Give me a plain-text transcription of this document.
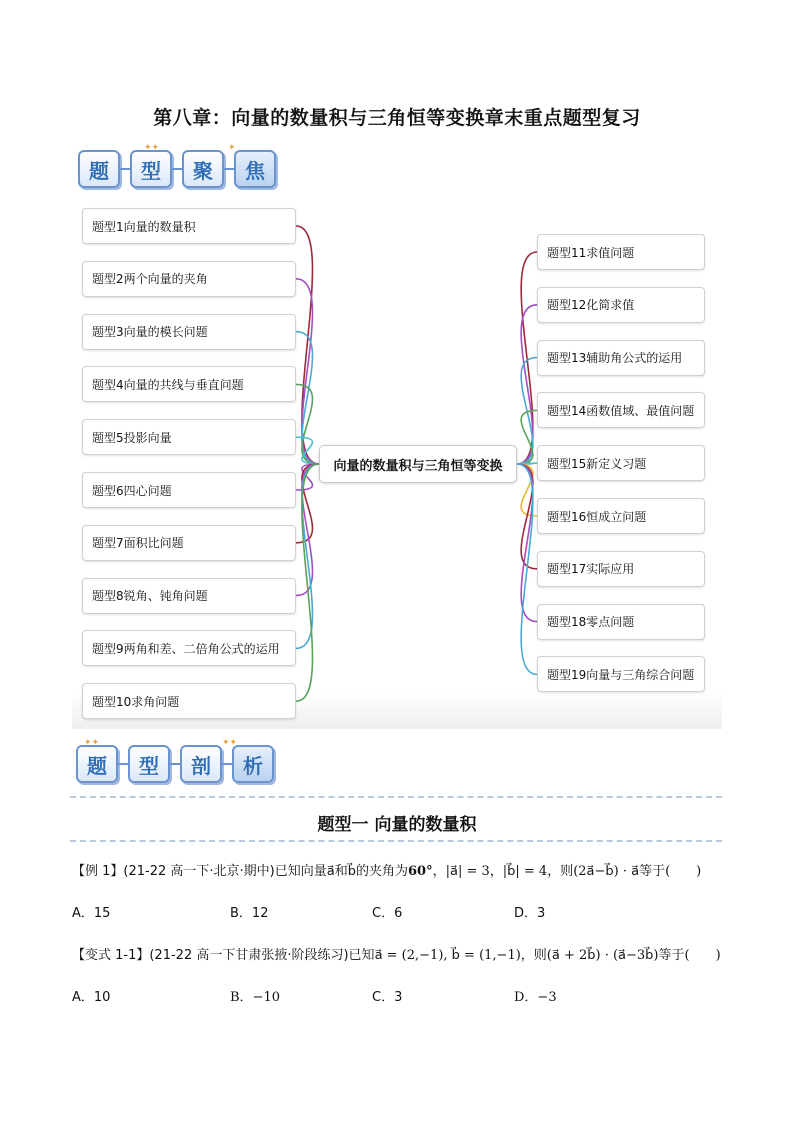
第八章：向量的数量积与三角恒等变换章末重点题型复习
题	型	聚	焦
✦✦	✦
向量的数量积与三角恒等变换
题型1向量的数量积
题型2两个向量的夹角
题型3向量的模长问题
题型4向量的共线与垂直问题
题型5投影向量
题型6四心问题
题型7面积比问题
题型8锐角、钝角问题
题型9两角和差、二倍角公式的运用
题型10求角问题
题型11求值问题
题型12化简求值
题型13辅助角公式的运用
题型14函数值域、最值问题
题型15新定义习题
题型16恒成立问题
题型17实际应用
题型18零点问题
题型19向量与三角综合问题
题	型	剖	析
✦✦	✦✦
题型一 向量的数量积
【例 1】(21-22 高一下·北京·期中)已知向量a⃗和b⃗的夹角为60°，|a⃗| = 3，|b⃗| = 4，则(2a⃗−b⃗) · a⃗等于(　　)
A．15	B．12	C．6	D．3
【变式 1-1】(21-22 高一下甘肃张掖·阶段练习)已知a⃗ = (2,−1), b⃗ = (1,−1)，则(a⃗ + 2b⃗) · (a⃗−3b⃗)等于(　　)
A．10	B．−10	C．3	D．−3
